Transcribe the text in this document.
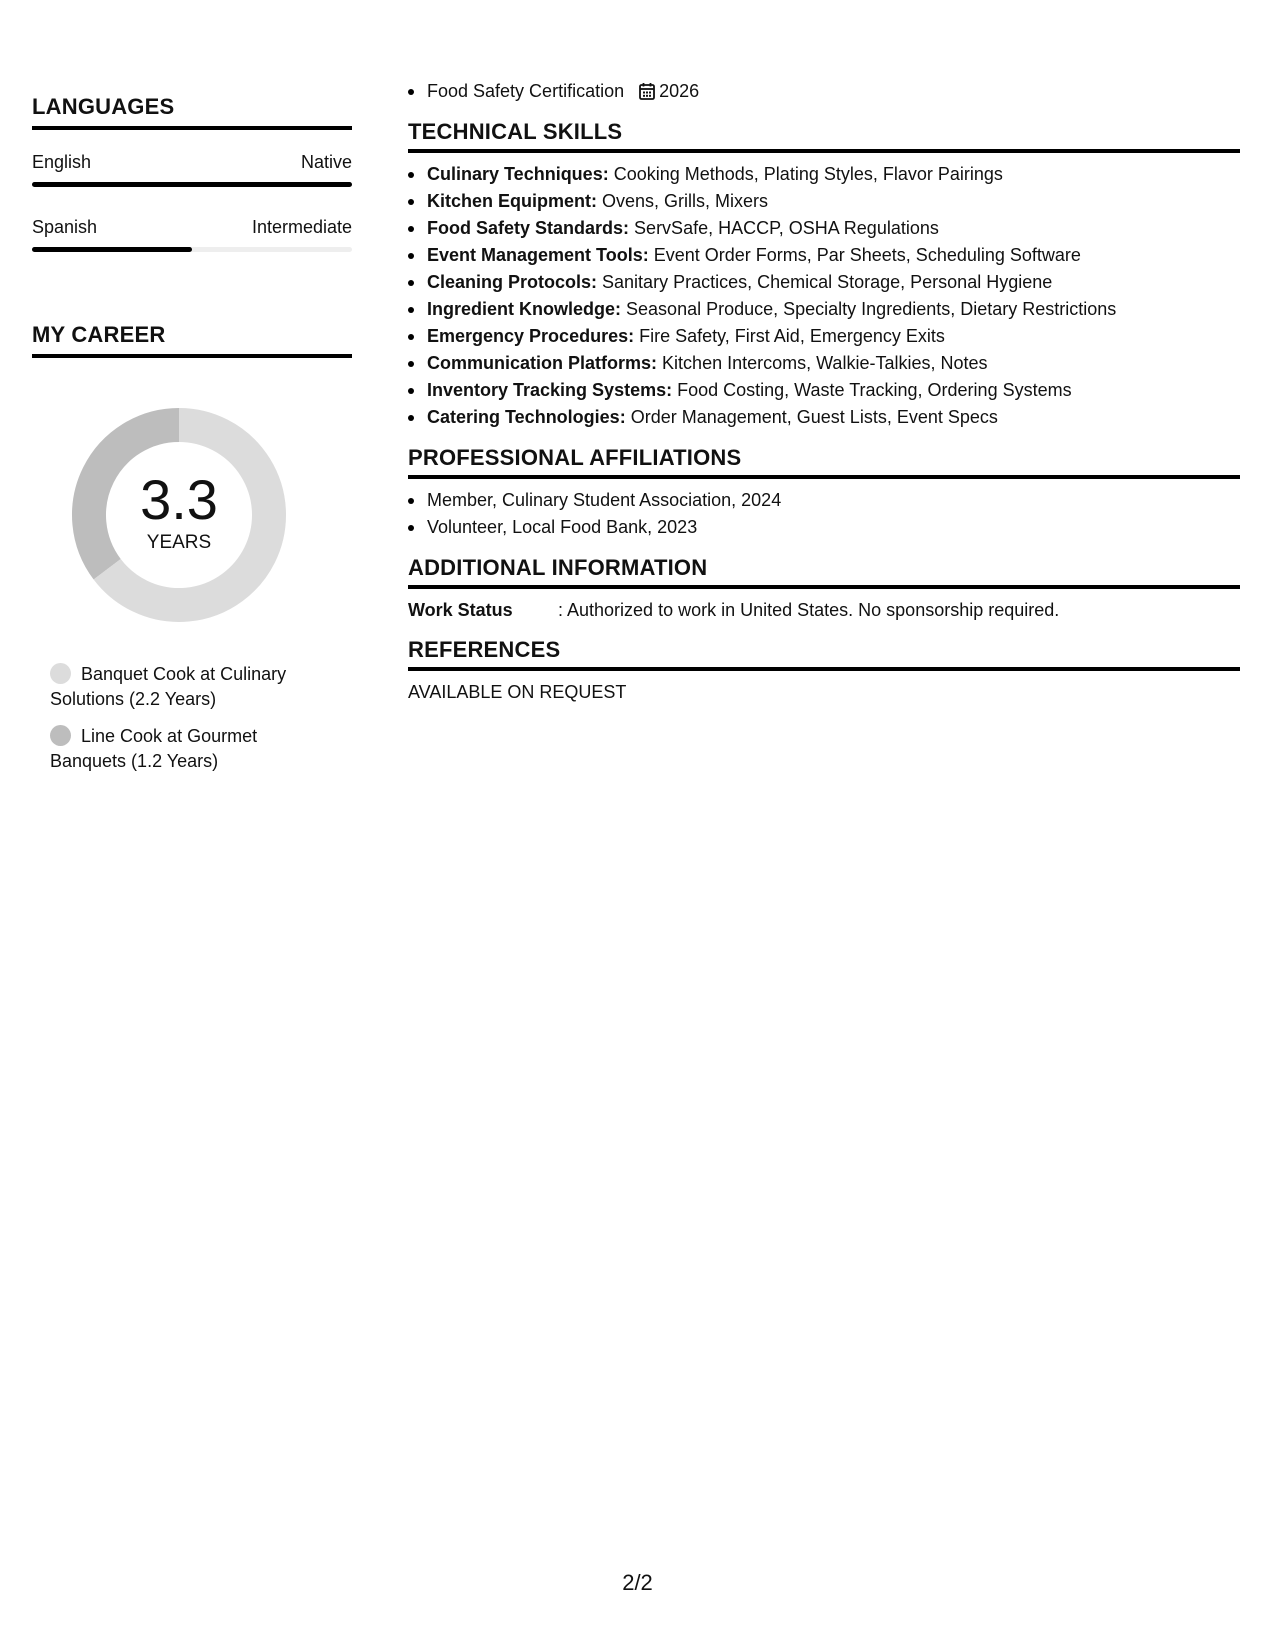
LANGUAGES
English	Native
Spanish	Intermediate
MY CAREER
3.3
YEARS
Banquet Cook at Culinary Solutions (2.2 Years)
Line Cook at Gourmet Banquets (1.2 Years)
Food Safety Certification 2026
TECHNICAL SKILLS
Culinary Techniques: Cooking Methods, Plating Styles, Flavor Pairings
Kitchen Equipment: Ovens, Grills, Mixers
Food Safety Standards: ServSafe, HACCP, OSHA Regulations
Event Management Tools: Event Order Forms, Par Sheets, Scheduling Software
Cleaning Protocols: Sanitary Practices, Chemical Storage, Personal Hygiene
Ingredient Knowledge: Seasonal Produce, Specialty Ingredients, Dietary Restrictions
Emergency Procedures: Fire Safety, First Aid, Emergency Exits
Communication Platforms: Kitchen Intercoms, Walkie-Talkies, Notes
Inventory Tracking Systems: Food Costing, Waste Tracking, Ordering Systems
Catering Technologies: Order Management, Guest Lists, Event Specs
PROFESSIONAL AFFILIATIONS
Member, Culinary Student Association, 2024
Volunteer, Local Food Bank, 2023
ADDITIONAL INFORMATION
Work Status	: Authorized to work in United States. No sponsorship required.
REFERENCES
AVAILABLE ON REQUEST
2/2
